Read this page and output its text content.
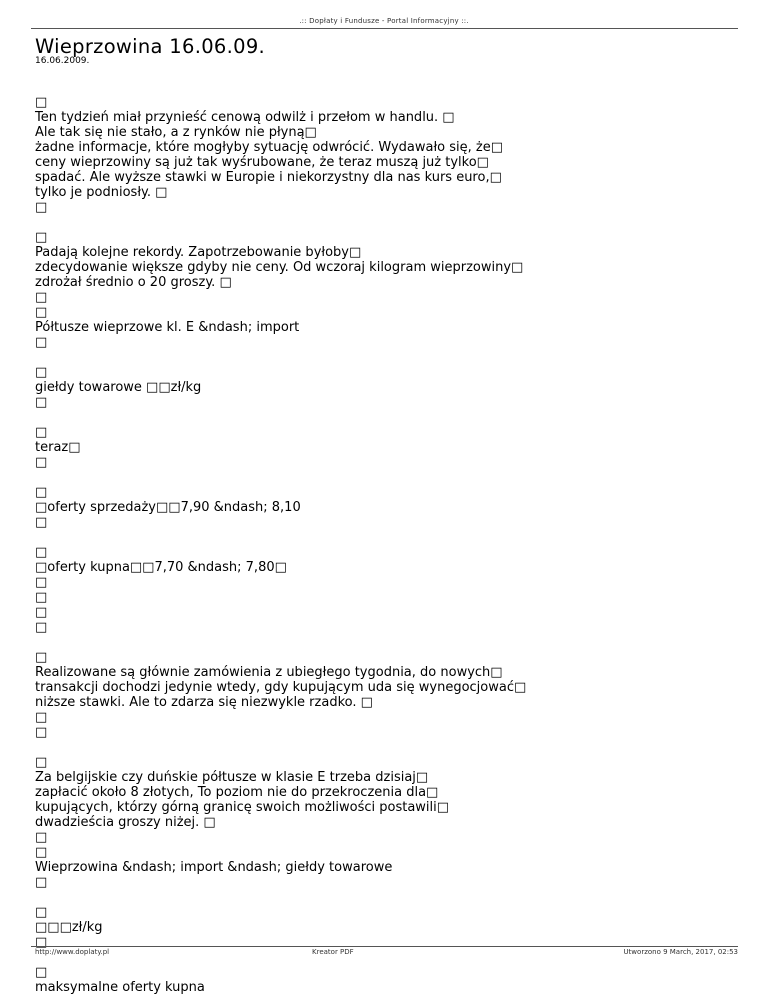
.:: Dopłaty i Fundusze - Portal Informacyjny ::.
Wieprzowina 16.06.09.
16.06.2009.
□
Ten tydzień miał przynieść cenową odwilż i przełom w handlu. □
Ale tak się nie stało, a z rynków nie płyną□
żadne informacje, które mogłyby sytuację odwrócić. Wydawało się, że□
ceny wieprzowiny są już tak wyśrubowane, że teraz muszą już tylko□
spadać. Ale wyższe stawki w Europie i niekorzystny dla nas kurs euro,□
tylko je podniosły. □
□
□
Padają kolejne rekordy. Zapotrzebowanie byłoby□
zdecydowanie większe gdyby nie ceny. Od wczoraj kilogram wieprzowiny□
zdrożał średnio o 20 groszy. □
□
□
Półtusze wieprzowe kl. E &ndash; import
□
□
giełdy towarowe □□zł/kg
□
□
teraz□
□
□
□oferty sprzedaży□□7,90 &ndash; 8,10
□
□
□oferty kupna□□7,70 &ndash; 7,80□
□
□
□
□
□
Realizowane są głównie zamówienia z ubiegłego tygodnia, do nowych□
transakcji dochodzi jedynie wtedy, gdy kupującym uda się wynegocjować□
niższe stawki. Ale to zdarza się niezwykle rzadko. □
□
□
□
Za belgijskie czy duńskie półtusze w klasie E trzeba dzisiaj□
zapłacić około 8 złotych, To poziom nie do przekroczenia dla□
kupujących, którzy górną granicę swoich możliwości postawili□
dwadzieścia groszy niżej. □
□
□
Wieprzowina &ndash; import &ndash; giełdy towarowe
□
□
□□□zł/kg
□
□
maksymalne oferty kupna
http://www.doplaty.pl	Kreator PDF	Utworzono 9 March, 2017, 02:53
